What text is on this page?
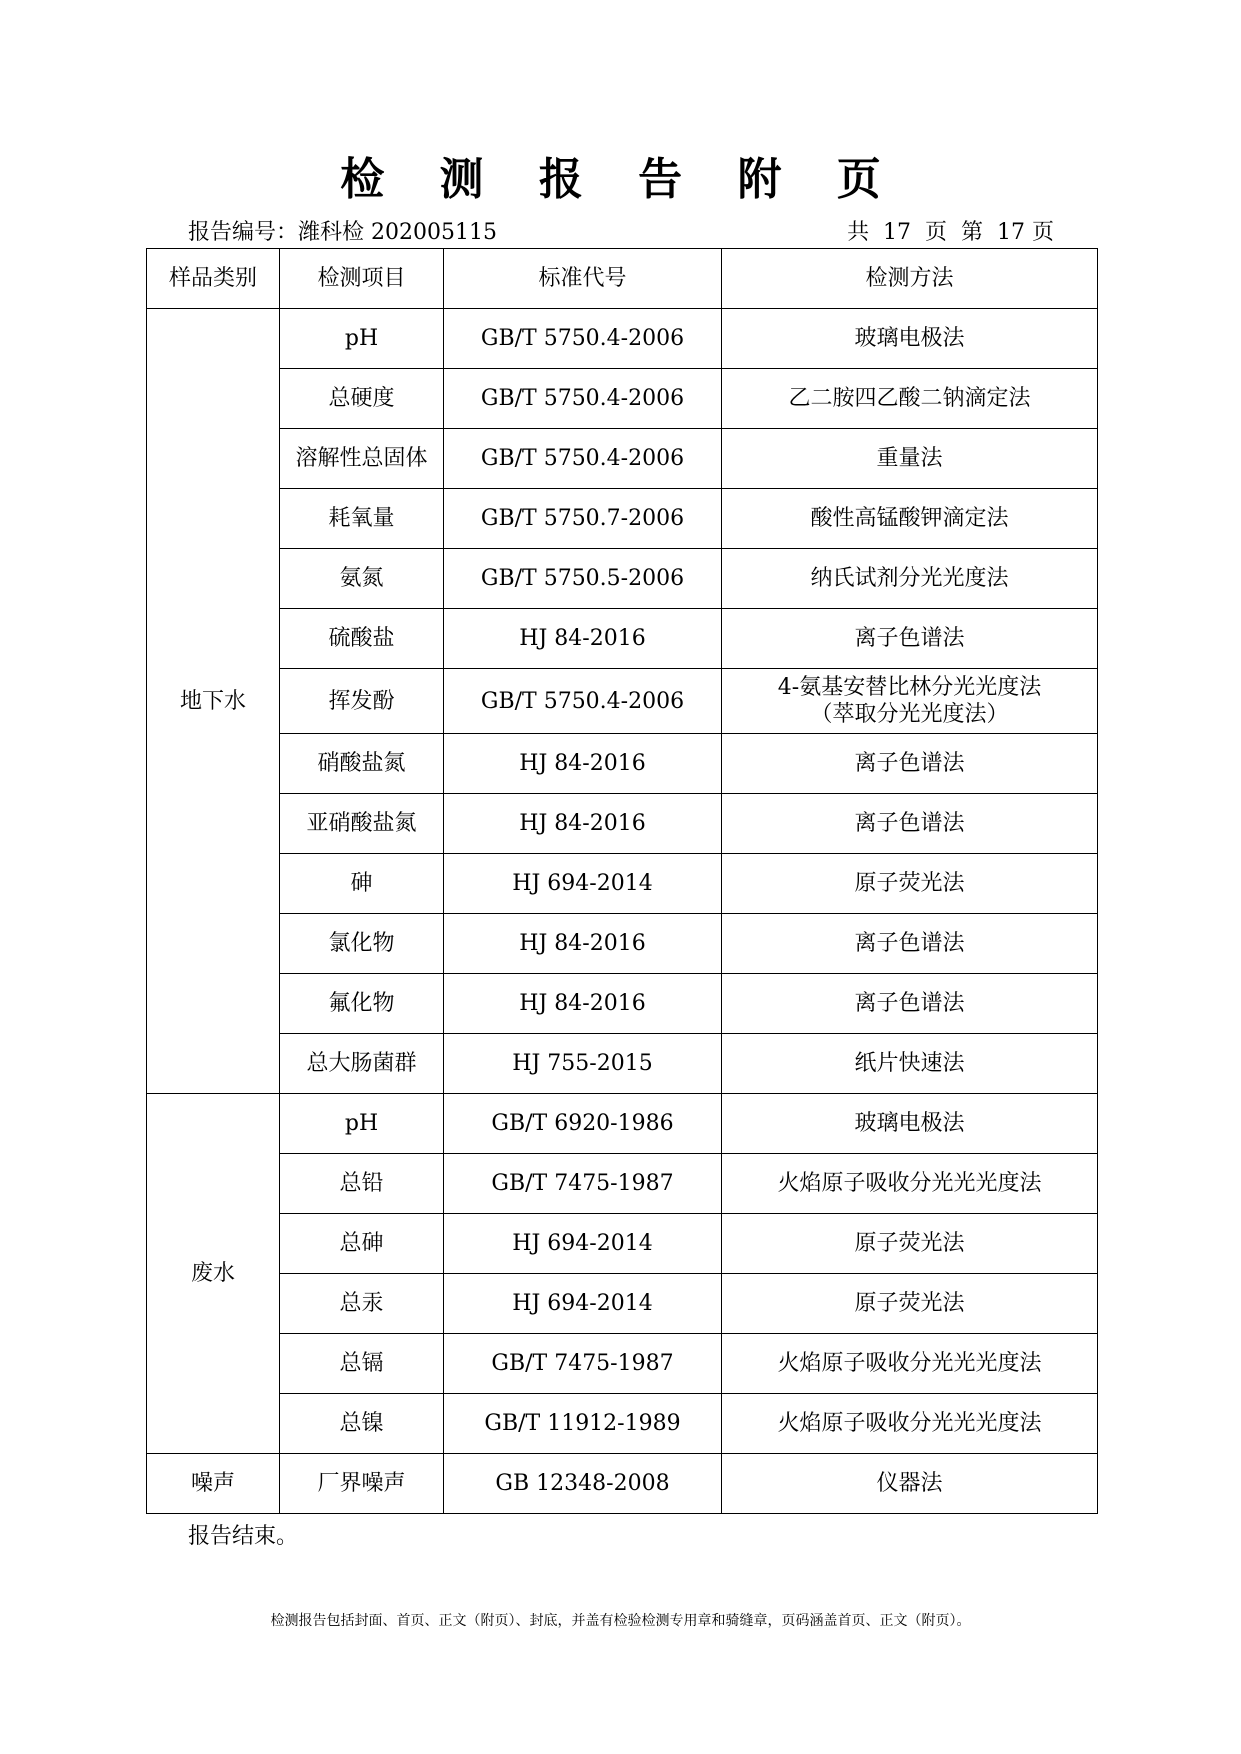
检 测 报 告 附 页
报告编号：潍科检 202005115	共  17  页  第  17 页
样品类别	检测项目	标准代号	检测方法
地下水	pH	GB/T 5750.4-2006	玻璃电极法
	总硬度	GB/T 5750.4-2006	乙二胺四乙酸二钠滴定法
	溶解性总固体	GB/T 5750.4-2006	重量法
	耗氧量	GB/T 5750.7-2006	酸性高锰酸钾滴定法
	氨氮	GB/T 5750.5-2006	纳氏试剂分光光度法
	硫酸盐	HJ 84-2016	离子色谱法
	挥发酚	GB/T 5750.4-2006	4-氨基安替比林分光光度法
（萃取分光光度法）

	硝酸盐氮	HJ 84-2016	离子色谱法
	亚硝酸盐氮	HJ 84-2016	离子色谱法
	砷	HJ 694-2014	原子荧光法
	氯化物	HJ 84-2016	离子色谱法
	氟化物	HJ 84-2016	离子色谱法
	总大肠菌群	HJ 755-2015	纸片快速法
废水	pH	GB/T 6920-1986	玻璃电极法
	总铅	GB/T 7475-1987	火焰原子吸收分光光光度法
	总砷	HJ 694-2014	原子荧光法
	总汞	HJ 694-2014	原子荧光法
	总镉	GB/T 7475-1987	火焰原子吸收分光光光度法
	总镍	GB/T 11912-1989	火焰原子吸收分光光光度法
噪声	厂界噪声	GB 12348-2008	仪器法
报告结束。
检测报告包括封面、首页、正文（附页）、封底，并盖有检验检测专用章和骑缝章，页码涵盖首页、正文（附页）。
